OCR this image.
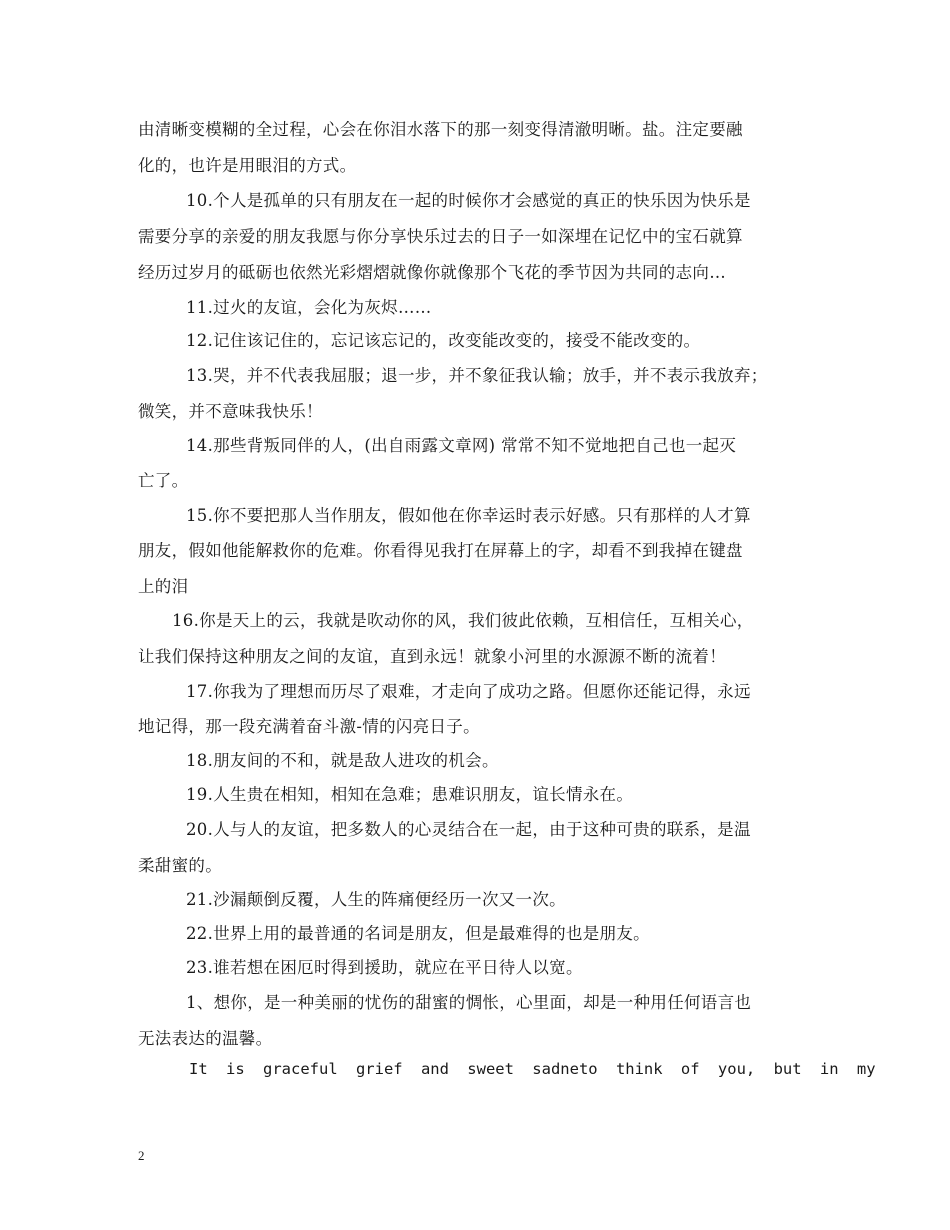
由清晰变模糊的全过程，心会在你泪水落下的那一刻变得清澈明晰。盐。注定要融
化的，也许是用眼泪的方式。
10.个人是孤单的只有朋友在一起的时候你才会感觉的真正的快乐因为快乐是
需要分享的亲爱的朋友我愿与你分享快乐过去的日子一如深埋在记忆中的宝石就算
经历过岁月的砥砺也依然光彩熠熠就像你就像那个飞花的季节因为共同的志向…
11.过火的友谊，会化为灰烬……
12.记住该记住的，忘记该忘记的，改变能改变的，接受不能改变的。
13.哭，并不代表我屈服；退一步，并不象征我认输；放手，并不表示我放弃；
微笑，并不意味我快乐！
14.那些背叛同伴的人，(出自雨露文章网) 常常不知不觉地把自己也一起灭
亡了。
15.你不要把那人当作朋友，假如他在你幸运时表示好感。只有那样的人才算
朋友，假如他能解救你的危难。你看得见我打在屏幕上的字，却看不到我掉在键盘
上的泪
16.你是天上的云，我就是吹动你的风，我们彼此依赖，互相信任，互相关心，
让我们保持这种朋友之间的友谊，直到永远！就象小河里的水源源不断的流着！
17.你我为了理想而历尽了艰难，才走向了成功之路。但愿你还能记得，永远
地记得，那一段充满着奋斗激-情的闪亮日子。
18.朋友间的不和，就是敌人进攻的机会。
19.人生贵在相知，相知在急难；患难识朋友，谊长情永在。
20.人与人的友谊，把多数人的心灵结合在一起，由于这种可贵的联系，是温
柔甜蜜的。
21.沙漏颠倒反覆，人生的阵痛便经历一次又一次。
22.世界上用的最普通的名词是朋友，但是最难得的也是朋友。
23.谁若想在困厄时得到援助，就应在平日待人以宽。
1、想你，是一种美丽的忧伤的甜蜜的惆怅，心里面，却是一种用任何语言也
无法表达的温馨。
It is graceful grief and sweet sadneto think of you, but in my
2
